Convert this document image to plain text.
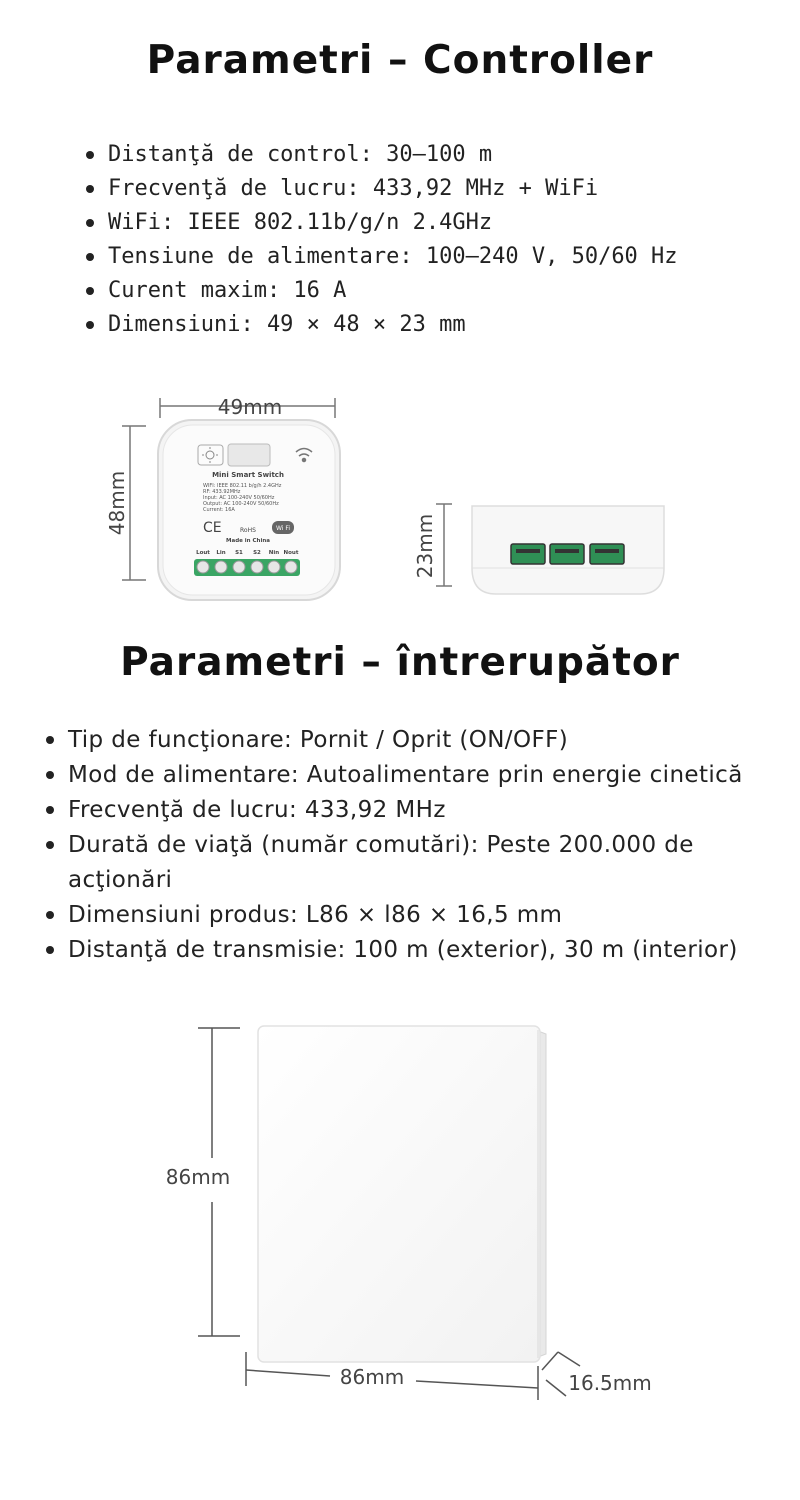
Parametri – Controller
Distanţă de control: 30–100 m
Frecvenţă de lucru: 433,92 MHz + WiFi
WiFi: IEEE 802.11b/g/n 2.4GHz
Tensiune de alimentare: 100–240 V, 50/60 Hz
Curent maxim: 16 A
Dimensiuni: 49 × 48 × 23 mm
49mm
48mm	Mini Smart Switch
WIFI: IEEE 802.11 b/g/h 2.4GHz
RF: 433.92MHz
Input: AC 100-240V 50/60Hz
Output: AC 100-240V 50/60Hz
Current: 16A
CE	RoHS	Wi Fi
Made in China
Lout Lin S1 S2 Nin Nout	23mm
Parametri – întrerupător
Tip de funcţionare: Pornit / Oprit (ON/OFF)
Mod de alimentare: Autoalimentare prin energie cinetică
Frecvenţă de lucru: 433,92 MHz
Durată de viaţă (număr comutări): Peste 200.000 de acţionări
Dimensiuni produs: L86 × l86 × 16,5 mm
Distanţă de transmisie: 100 m (exterior), 30 m (interior)
86mm
86mm	16.5mm
